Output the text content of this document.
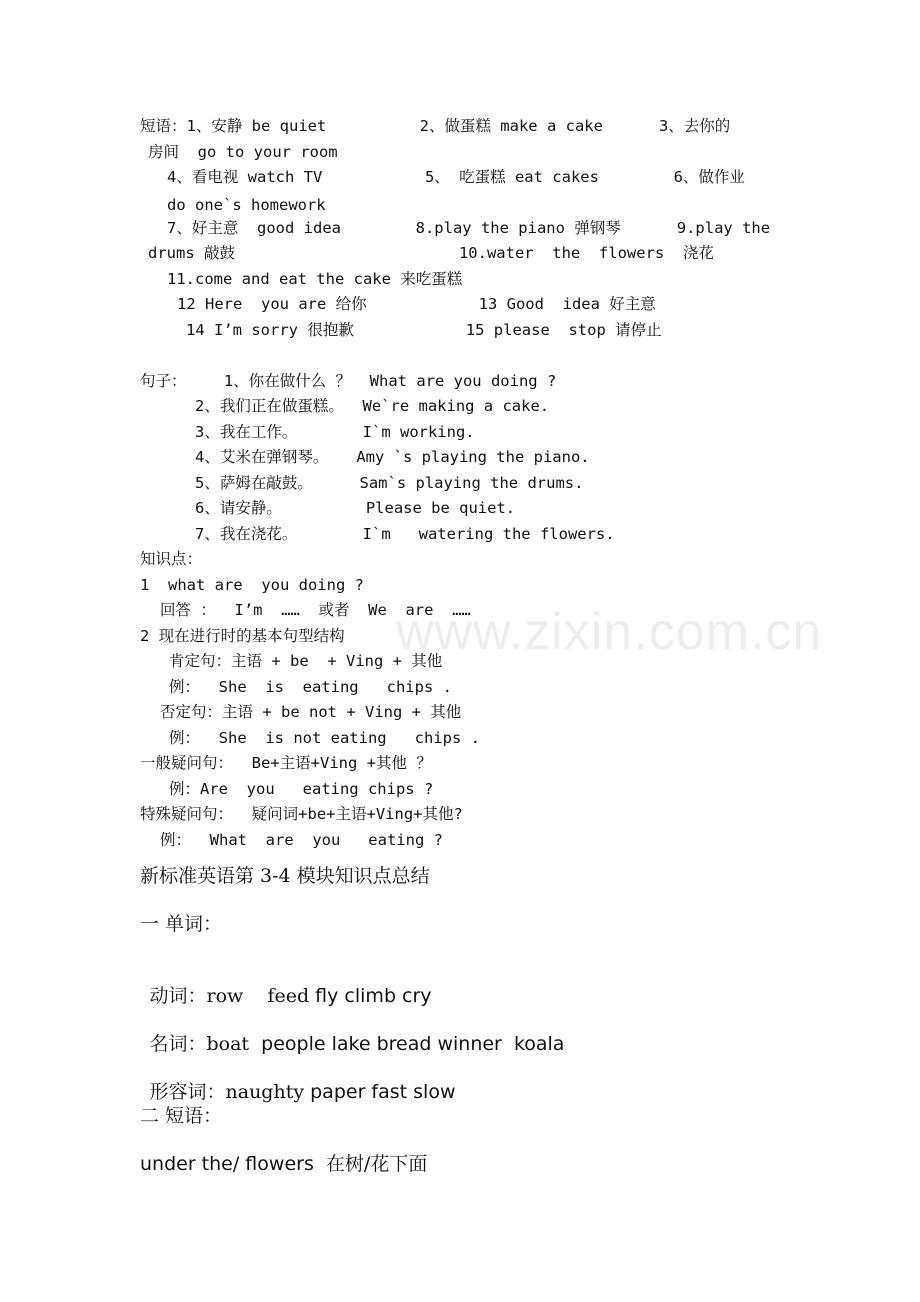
www.zixin.com.cn
短语：1、安静 be quiet          2、做蛋糕 make a cake      3、去你的
房间  go to your room
4、看电视 watch TV           5、 吃蛋糕 eat cakes        6、做作业
do one`s homework
7、好主意  good idea        8.play the piano 弹钢琴      9.play the
drums 敲鼓                        10.water  the  flowers  浇花
11.come and eat the cake 来吃蛋糕
12 Here  you are 给你            13 Good  idea 好主意
14 I’m sorry 很抱歉            15 please  stop 请停止
句子：    1、你在做什么 ？  What are you doing ?
2、我们正在做蛋糕。  We`re making a cake.
3、我在工作。       I`m working.
4、艾米在弹钢琴。   Amy `s playing the piano.
5、萨姆在敲鼓。     Sam`s playing the drums.
6、请安静。         Please be quiet.
7、我在浇花。       I`m   watering the flowers.
知识点：
1  what are  you doing ?
回答 ：  I’m  ……  或者  We  are  ……
2 现在进行时的基本句型结构
肯定句：主语 + be  + Ving + 其他
例：  She  is  eating   chips .
否定句：主语 + be not + Ving + 其他
例：  She  is not eating   chips .
一般疑问句：  Be+主语+Ving +其他 ？
例：Are  you   eating chips ?
特殊疑问句：  疑问词+be+主语+Ving+其他?
例：  What  are  you   eating ?
新标准英语第 3-4 模块知识点总结
一 单词：

动词：row    feed fly climb cry

名词：boat  people lake bread winner  koala

形容词：naughty paper fast slow

二 短语：
under the/ flowers  在树/花下面
